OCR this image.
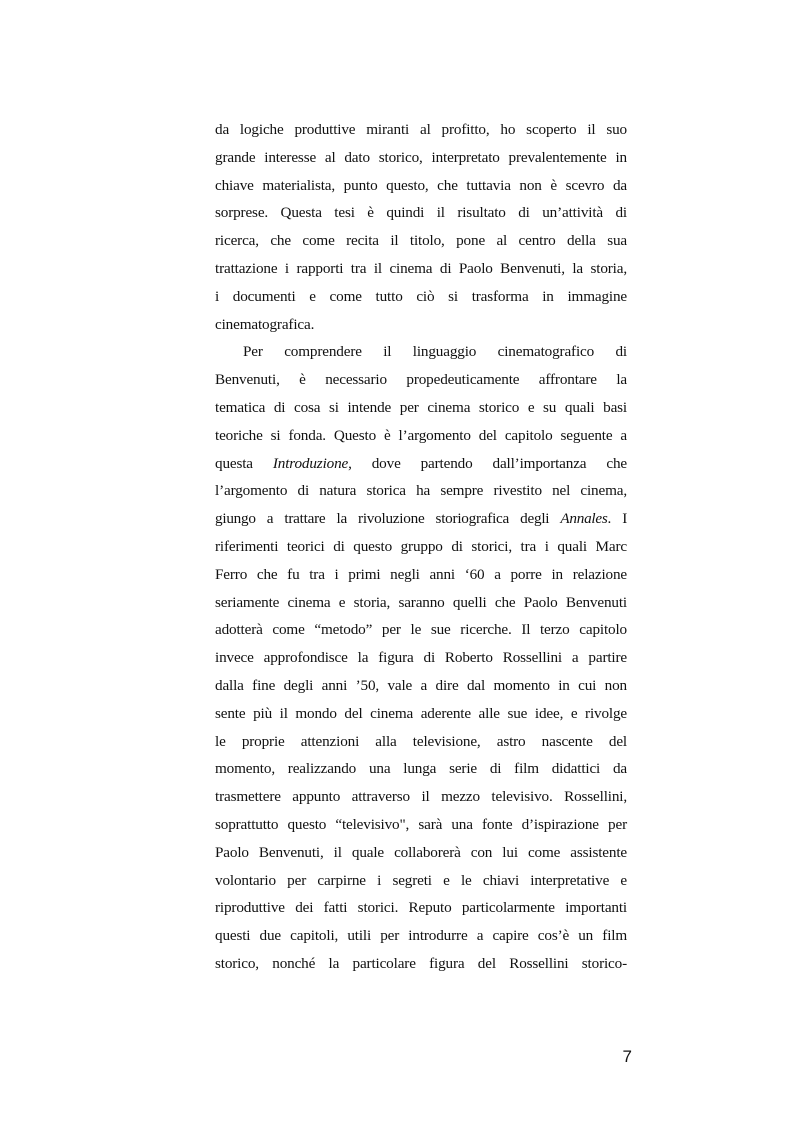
da logiche produttive miranti al profitto, ho scoperto il suo
grande interesse al dato storico, interpretato prevalentemente in
chiave materialista, punto questo, che tuttavia non è scevro da
sorprese. Questa tesi è quindi il risultato di un’attività di
ricerca, che come recita il titolo, pone al centro della sua
trattazione i rapporti tra il cinema di Paolo Benvenuti, la storia,
i documenti e come tutto ciò si trasforma in immagine
cinematografica.
Per comprendere il linguaggio cinematografico di
Benvenuti, è necessario propedeuticamente affrontare la
tematica di cosa si intende per cinema storico e su quali basi
teoriche si fonda. Questo è l’argomento del capitolo seguente a
questa Introduzione, dove partendo dall’importanza che
l’argomento di natura storica ha sempre rivestito nel cinema,
giungo a trattare la rivoluzione storiografica degli Annales. I
riferimenti teorici di questo gruppo di storici, tra i quali Marc
Ferro che fu tra i primi negli anni ‘60 a porre in relazione
seriamente cinema e storia, saranno quelli che Paolo Benvenuti
adotterà come “metodo” per le sue ricerche. Il terzo capitolo
invece approfondisce la figura di Roberto Rossellini a partire
dalla fine degli anni ’50, vale a dire dal momento in cui non
sente più il mondo del cinema aderente alle sue idee, e rivolge
le proprie attenzioni alla televisione, astro nascente del
momento, realizzando una lunga serie di film didattici da
trasmettere appunto attraverso il mezzo televisivo. Rossellini,
soprattutto questo “televisivo", sarà una fonte d’ispirazione per
Paolo Benvenuti, il quale collaborerà con lui come assistente
volontario per carpirne i segreti e le chiavi interpretative e
riproduttive dei fatti storici. Reputo particolarmente importanti
questi due capitoli, utili per introdurre a capire cos’è un film
storico, nonché la particolare figura del Rossellini storico-
7
